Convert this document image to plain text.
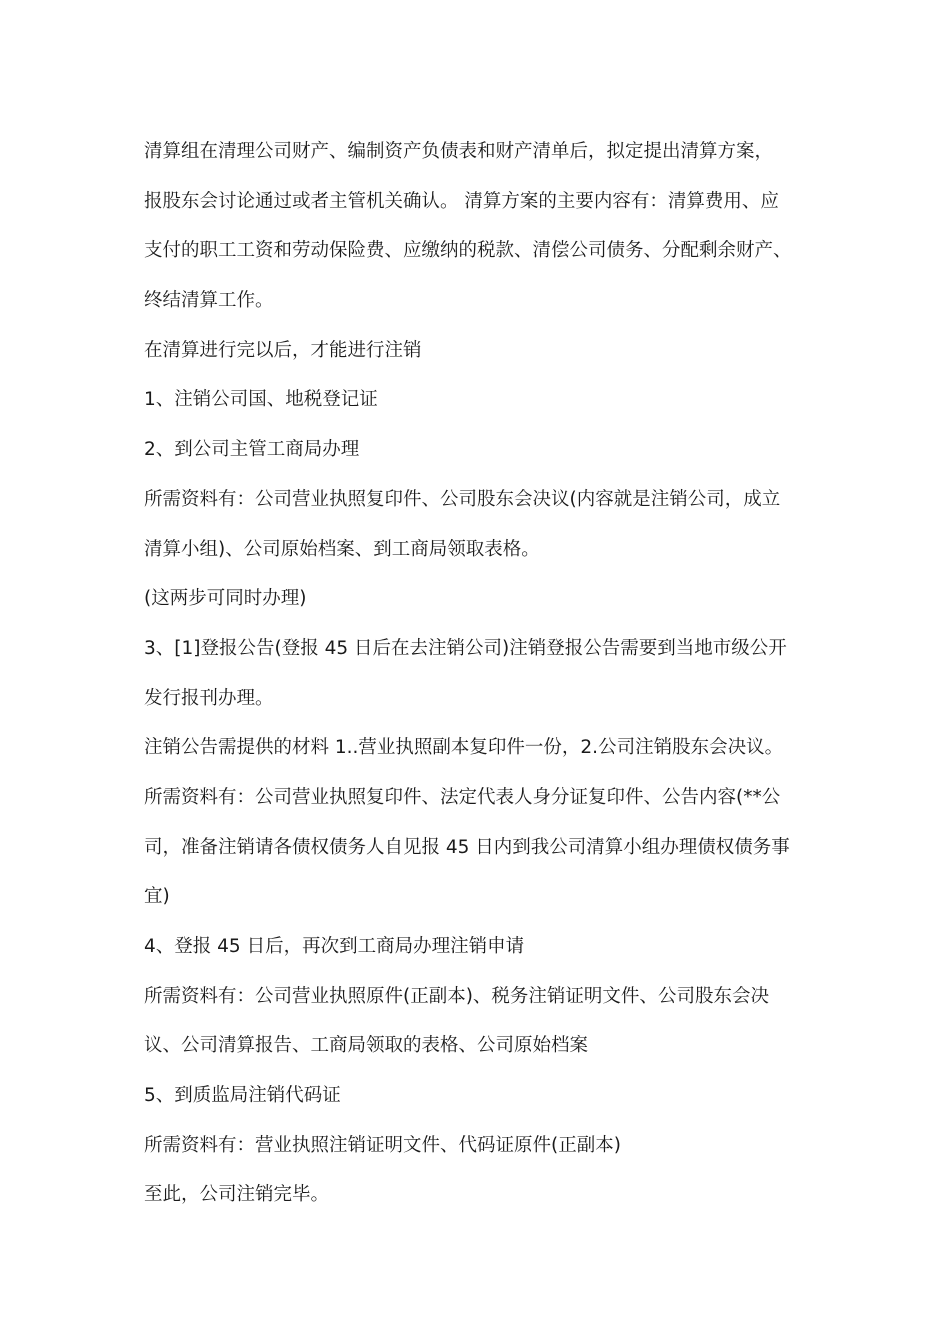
清算组在清理公司财产、编制资产负债表和财产清单后，拟定提出清算方案，
报股东会讨论通过或者主管机关确认。 清算方案的主要内容有：清算费用、应
支付的职工工资和劳动保险费、应缴纳的税款、清偿公司债务、分配剩余财产、
终结清算工作。
在清算进行完以后，才能进行注销
1、注销公司国、地税登记证
2、到公司主管工商局办理
所需资料有：公司营业执照复印件、公司股东会决议(内容就是注销公司，成立
清算小组)、公司原始档案、到工商局领取表格。
(这两步可同时办理)
3、[1]登报公告(登报 45 日后在去注销公司)注销登报公告需要到当地市级公开
发行报刊办理。
注销公告需提供的材料 1..营业执照副本复印件一份，2.公司注销股东会决议。
所需资料有：公司营业执照复印件、法定代表人身分证复印件、公告内容(**公
司，准备注销请各债权债务人自见报 45 日内到我公司清算小组办理债权债务事
宜)
4、登报 45 日后，再次到工商局办理注销申请
所需资料有：公司营业执照原件(正副本)、税务注销证明文件、公司股东会决
议、公司清算报告、工商局领取的表格、公司原始档案
5、到质监局注销代码证
所需资料有：营业执照注销证明文件、代码证原件(正副本)
至此，公司注销完毕。
